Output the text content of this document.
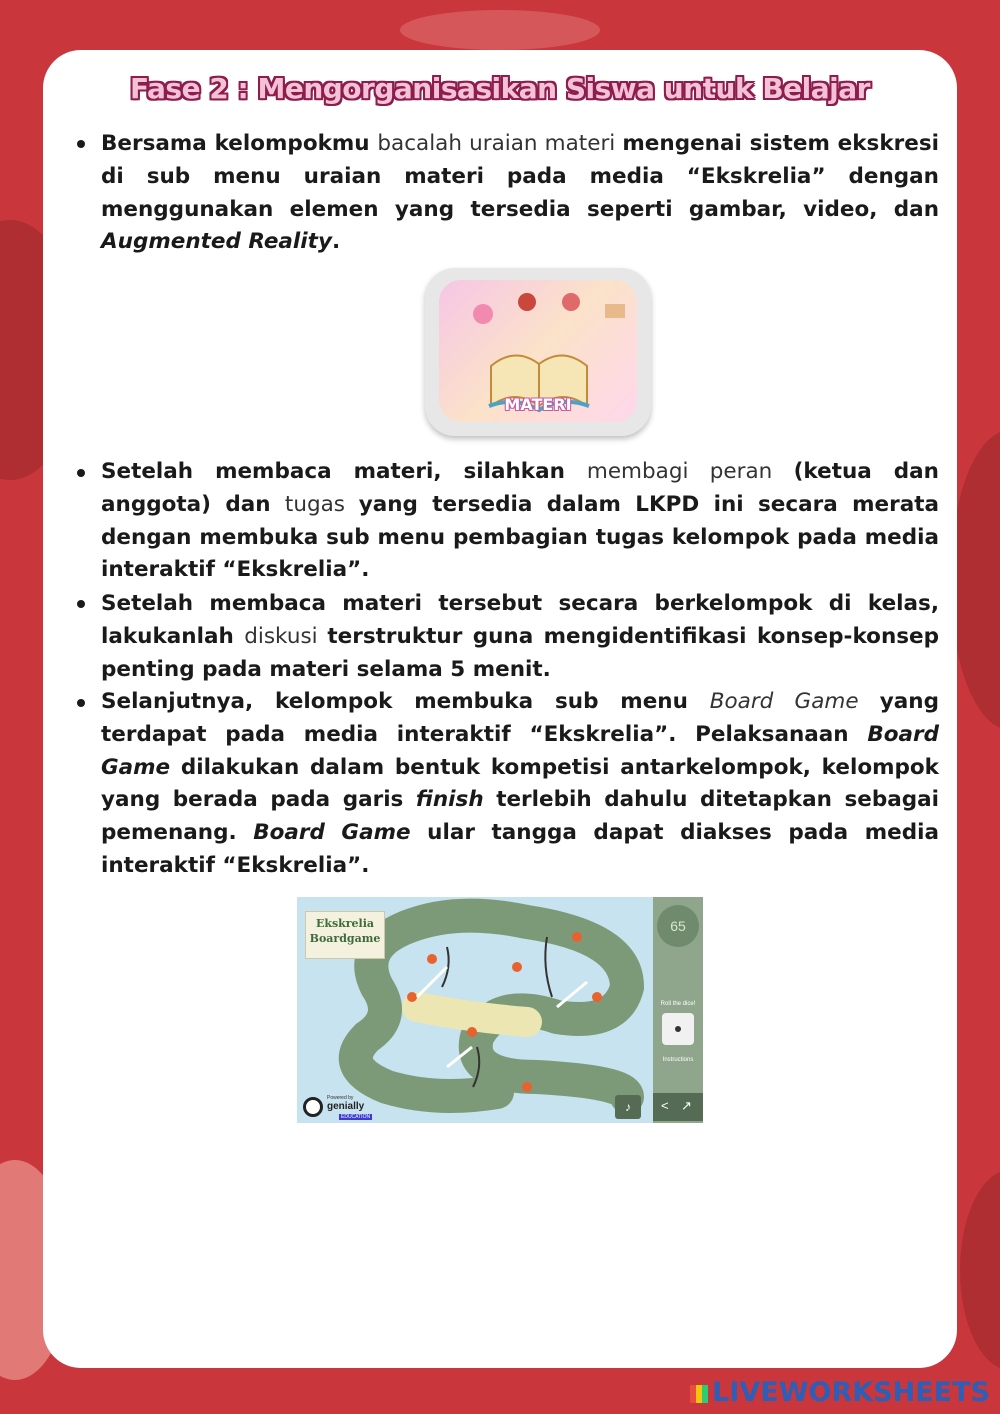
Fase 2 : Mengorganisasikan Siswa untuk Belajar
Bersama kelompokmu bacalah uraian materi mengenai sistem ekskresi di sub menu uraian materi pada media “Ekskrelia” dengan menggunakan elemen yang tersedia seperti gambar, video, dan Augmented Reality.
MATERI
Setelah membaca materi, silahkan membagi peran (ketua dan anggota) dan tugas yang tersedia dalam LKPD ini secara merata dengan membuka sub menu pembagian tugas kelompok pada media interaktif “Ekskrelia”.
Setelah membaca materi tersebut secara berkelompok di kelas, lakukanlah diskusi terstruktur guna mengidentifikasi konsep-konsep penting pada materi selama 5 menit.
Selanjutnya, kelompok membuka sub menu Board Game yang terdapat pada media interaktif “Ekskrelia”. Pelaksanaan Board Game dilakukan dalam bentuk kompetisi antarkelompok, kelompok yang berada pada garis finish terlebih dahulu ditetapkan sebagai pemenang. Board Game ular tangga dapat diakses pada media interaktif “Ekskrelia”.
Ekskrelia
Boardgame
65
Roll the dice!
Instructions
< ↗
♪
Powered by
genially
EDUCATION
LIVEWORKSHEETS
